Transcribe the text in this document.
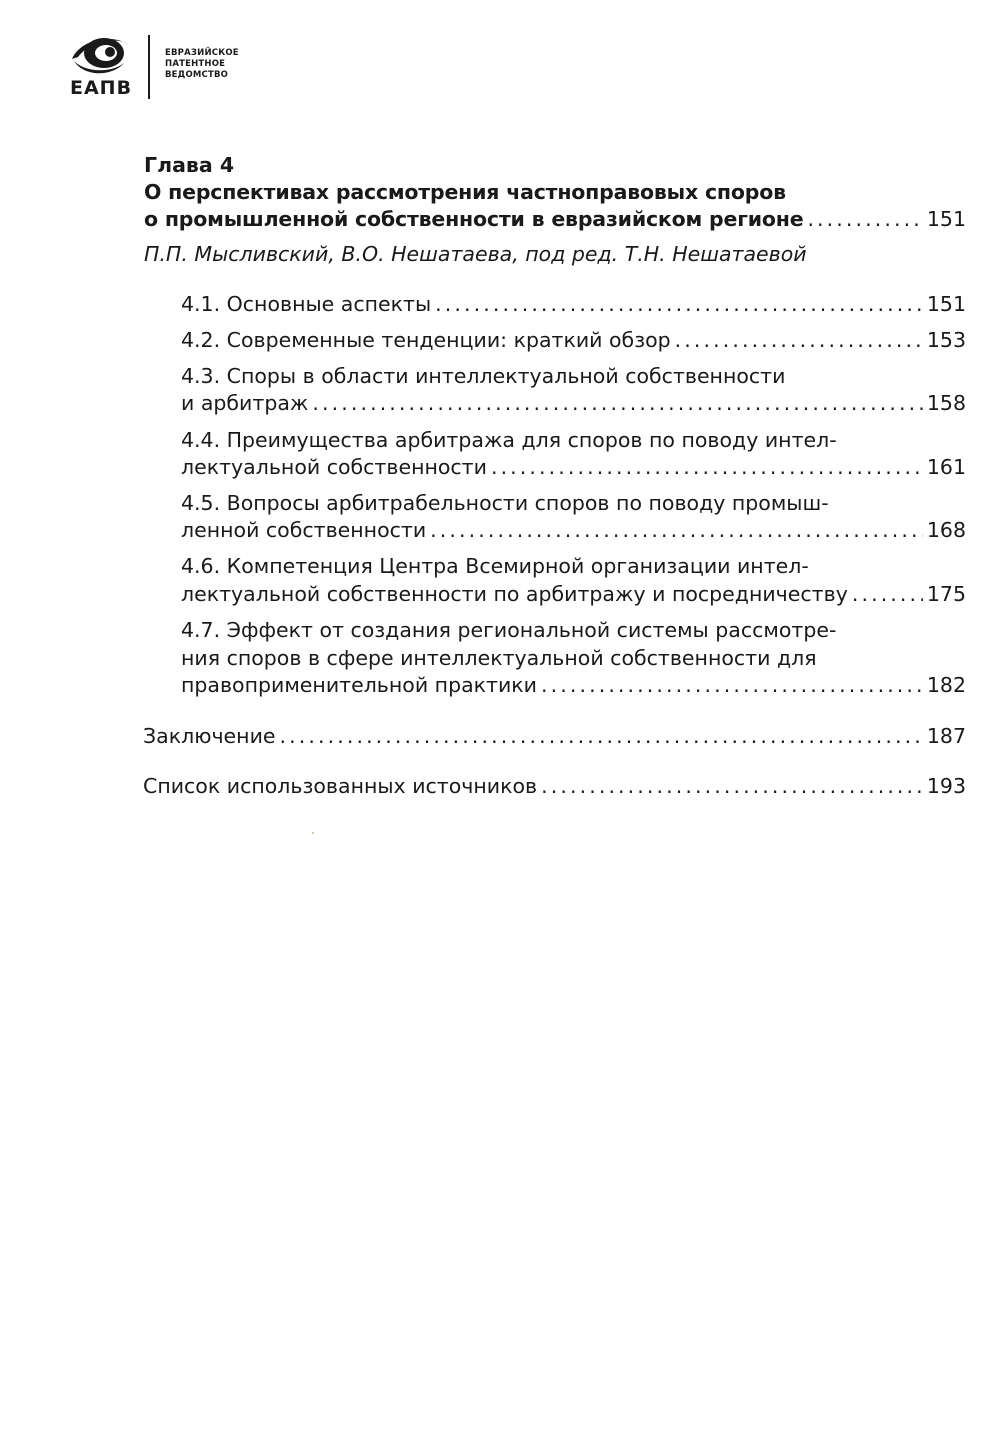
ЕАПВ
ЕВРАЗИЙСКОЕ
ПАТЕНТНОЕ
ВЕДОМСТВО
Глава 4
О перспективах рассмотрения частноправовых споров
о промышленной собственности в евразийском регионе .....	151
П.П. Мысливский, В.О. Нешатаева, под ред. Т.Н. Нешатаевой
4.1. Основные аспекты .....	151
4.2. Современные тенденции: краткий обзор .....	153
4.3. Споры в области интеллектуальной собственности
и арбитраж .....	158
4.4. Преимущества арбитража для споров по поводу интел-
лектуальной собственности .....	161
4.5. Вопросы арбитрабельности споров по поводу промыш-
ленной собственности .....	168
4.6. Компетенция Центра Всемирной организации интел-
лектуальной собственности по арбитражу и посредничеству .....	175
4.7. Эффект от создания региональной системы рассмотре-
ния споров в сфере интеллектуальной собственности для
правоприменительной практики .....	182
Заключение .....	187
Список использованных источников .....	193
